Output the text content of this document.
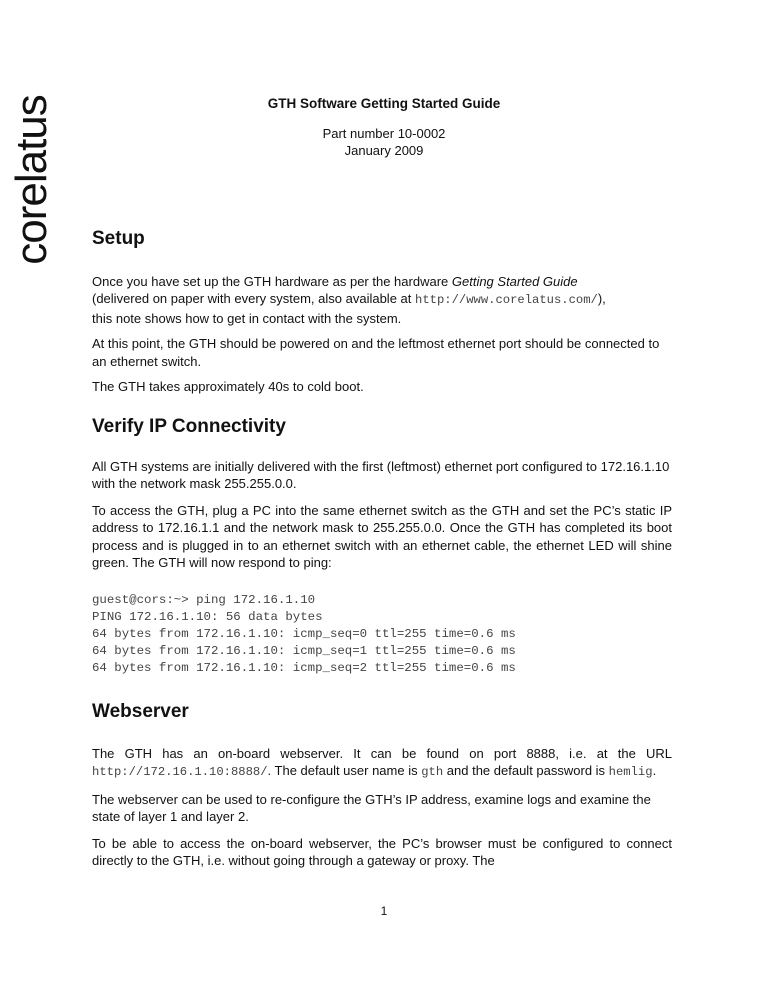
corelatus	GTH Software Getting Started Guide
Part number 10-0002
January 2009
Setup

Once you have set up the GTH hardware as per the hardware Getting Started Guide
(delivered on paper with every system, also available at http://www.corelatus.com/),
this note shows how to get in contact with the system.

At this point, the GTH should be powered on and the leftmost ethernet port should be connected to an ethernet switch.

The GTH takes approximately 40s to cold boot.

Verify IP Connectivity

All GTH systems are initially delivered with the first (leftmost) ethernet port configured to 172.16.1.10 with the network mask 255.255.0.0.

To access the GTH, plug a PC into the same ethernet switch as the GTH and set the PC’s static IP address to 172.16.1.1 and the network mask to 255.255.0.0. Once the GTH has completed its boot process and is plugged in to an ethernet switch with an ethernet cable, the ethernet LED will shine green. The GTH will now respond to ping:

guest@cors:~> ping 172.16.1.10
PING 172.16.1.10: 56 data bytes
64 bytes from 172.16.1.10: icmp_seq=0 ttl=255 time=0.6 ms
64 bytes from 172.16.1.10: icmp_seq=1 ttl=255 time=0.6 ms
64 bytes from 172.16.1.10: icmp_seq=2 ttl=255 time=0.6 ms
Webserver

The GTH has an on-board webserver. It can be found on port 8888, i.e. at the URL http://172.16.1.10:8888/. The default user name is gth and the default password is hemlig.

The webserver can be used to re-configure the GTH’s IP address, examine logs and examine the state of layer 1 and layer 2.

To be able to access the on-board webserver, the PC’s browser must be configured to connect directly to the GTH, i.e. without going through a gateway or proxy. The

1
